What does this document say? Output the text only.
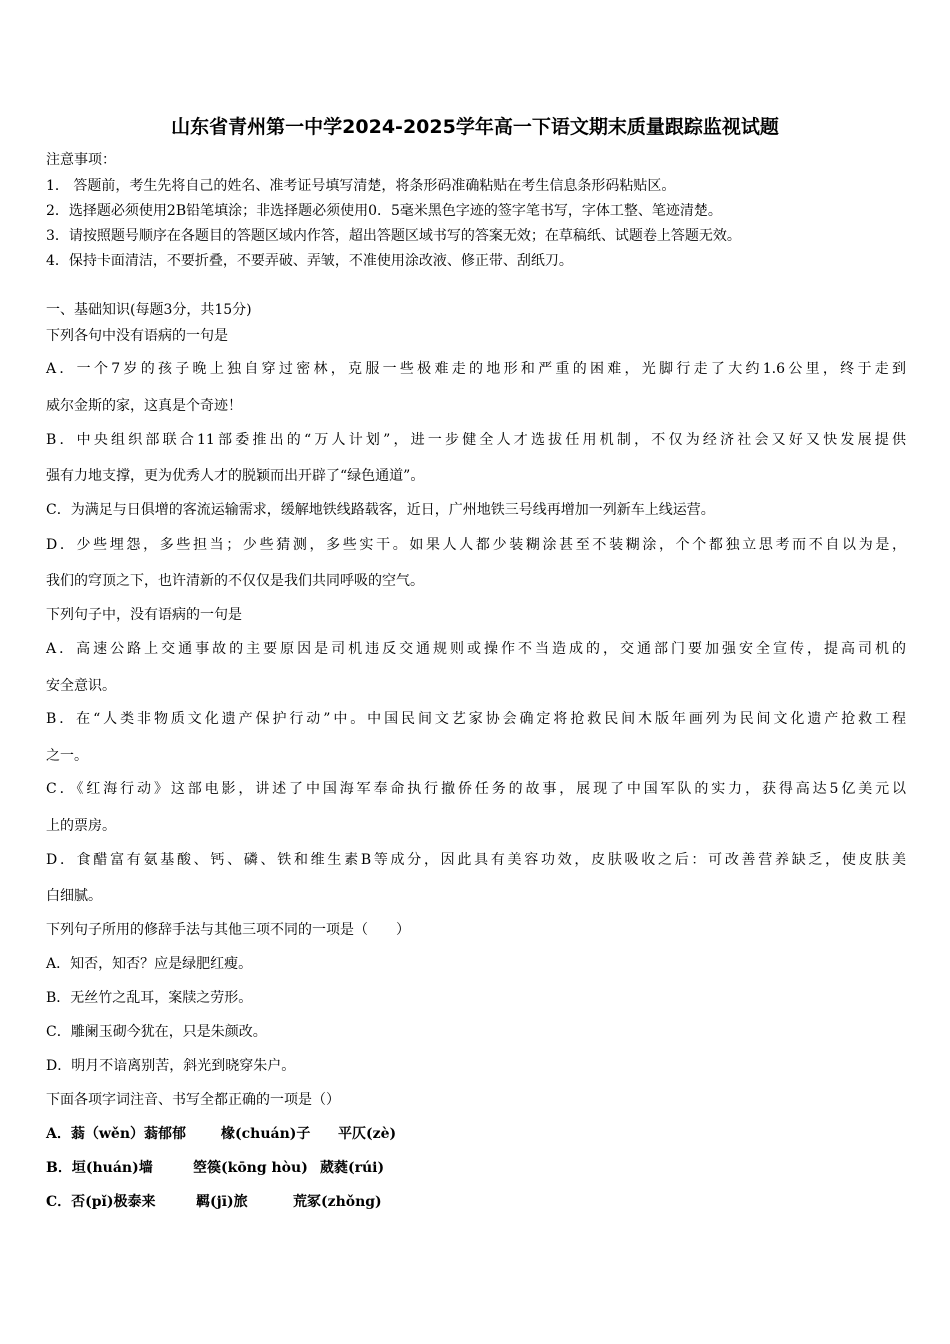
山东省青州第一中学2024-2025学年高一下语文期末质量跟踪监视试题
注意事项：
1． 答题前，考生先将自己的姓名、准考证号填写清楚，将条形码准确粘贴在考生信息条形码粘贴区。
2．选择题必须使用2B铅笔填涂；非选择题必须使用0．5毫米黑色字迹的签字笔书写，字体工整、笔迹清楚。
3．请按照题号顺序在各题目的答题区域内作答，超出答题区域书写的答案无效；在草稿纸、试题卷上答题无效。
4．保持卡面清洁，不要折叠，不要弄破、弄皱，不准使用涂改液、修正带、刮纸刀。
一、基础知识(每题3分，共15分)
下列各句中没有语病的一句是
A．一个7岁的孩子晚上独自穿过密林，克服一些极难走的地形和严重的困难，光脚行走了大约1.6公里，终于走到
威尔金斯的家，这真是个奇迹！
B．中央组织部联合11部委推出的“万人计划”，进一步健全人才选拔任用机制，不仅为经济社会又好又快发展提供
强有力地支撑，更为优秀人才的脱颖而出开辟了“绿色通道”。
C．为满足与日俱增的客流运输需求，缓解地铁线路载客，近日，广州地铁三号线再增加一列新车上线运营。
D．少些埋怨，多些担当；少些猜测，多些实干。如果人人都少装糊涂甚至不装糊涂，个个都独立思考而不自以为是，
我们的穹顶之下，也许清新的不仅仅是我们共同呼吸的空气。
下列句子中，没有语病的一句是
A．高速公路上交通事故的主要原因是司机违反交通规则或操作不当造成的，交通部门要加强安全宣传，提高司机的
安全意识。
B．在“人类非物质文化遗产保护行动”中。中国民间文艺家协会确定将抢救民间木版年画列为民间文化遗产抢救工程
之一。
C．《红海行动》这部电影，讲述了中国海军奉命执行撤侨任务的故事，展现了中国军队的实力，获得高达5亿美元以
上的票房。
D．食醋富有氨基酸、钙、磷、铁和维生素B等成分，因此具有美容功效，皮肤吸收之后：可改善营养缺乏，使皮肤美
白细腻。
下列句子所用的修辞手法与其他三项不同的一项是（　　）
A．知否，知否？应是绿肥红瘦。
B．无丝竹之乱耳，案牍之劳形。
C．雕阑玉砌今犹在，只是朱颜改。
D．明月不谙离别苦，斜光到晓穿朱户。
下面各项字词注音、书写全都正确的一项是（）
A．蓊（wěn）蓊郁郁	椽(chuán)子 平仄(zè)
B．垣(huán)墙	箜篌(kōng hòu) 葳蕤(rúi)
C．否(pǐ)极泰来	羁(jī)旅	荒冢(zhǒng)
